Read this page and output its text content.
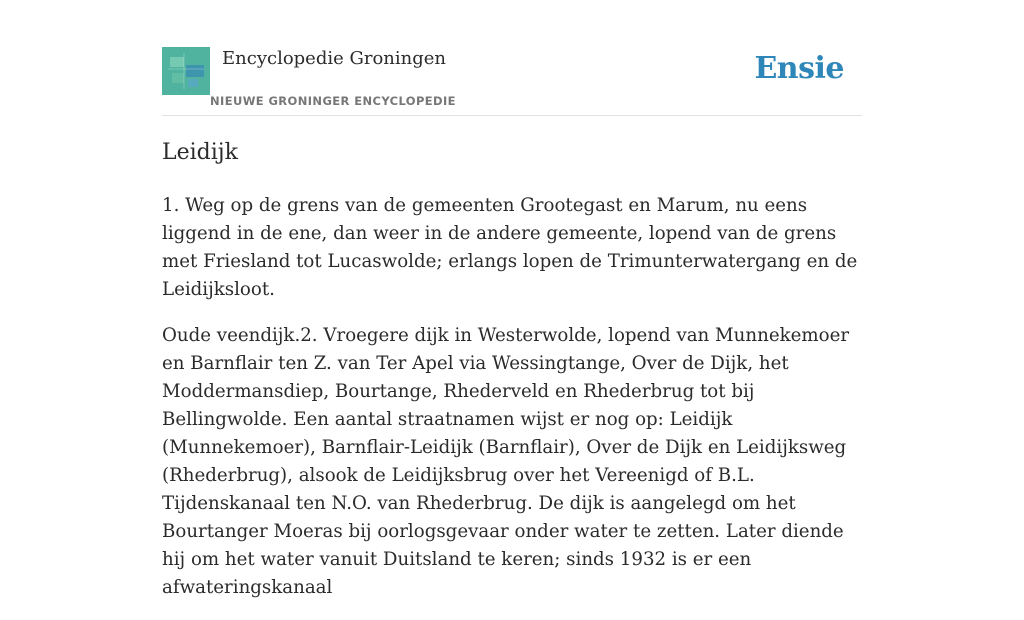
Encyclopedie Groningen
NIEUWE GRONINGER ENCYCLOPEDIE
Ensie
Leidijk

1. Weg op de grens van de gemeenten Grootegast en Marum, nu eens liggend in de ene, dan weer in de andere gemeente, lopend van de grens met Friesland tot Lucaswolde; erlangs lopen de Trimunterwatergang en de Leidijksloot.

Oude veendijk.2. Vroegere dijk in Westerwolde, lopend van Munnekemoer en Barnflair ten Z. van Ter Apel via Wessingtange, Over de Dijk, het Moddermansdiep, Bourtange, Rhederveld en Rhederbrug tot bij Bellingwolde. Een aantal straatnamen wijst er nog op: Leidijk (Munnekemoer), Barnflair-Leidijk (Barnflair), Over de Dijk en Leidijksweg (Rhederbrug), alsook de Leidijksbrug over het Vereenigd of B.L. Tijdenskanaal ten N.O. van Rhederbrug. De dijk is aangelegd om het Bourtanger Moeras bij oorlogsgevaar onder water te zetten. Later diende hij om het water vanuit Duitsland te keren; sinds 1932 is er een afwateringskanaal
